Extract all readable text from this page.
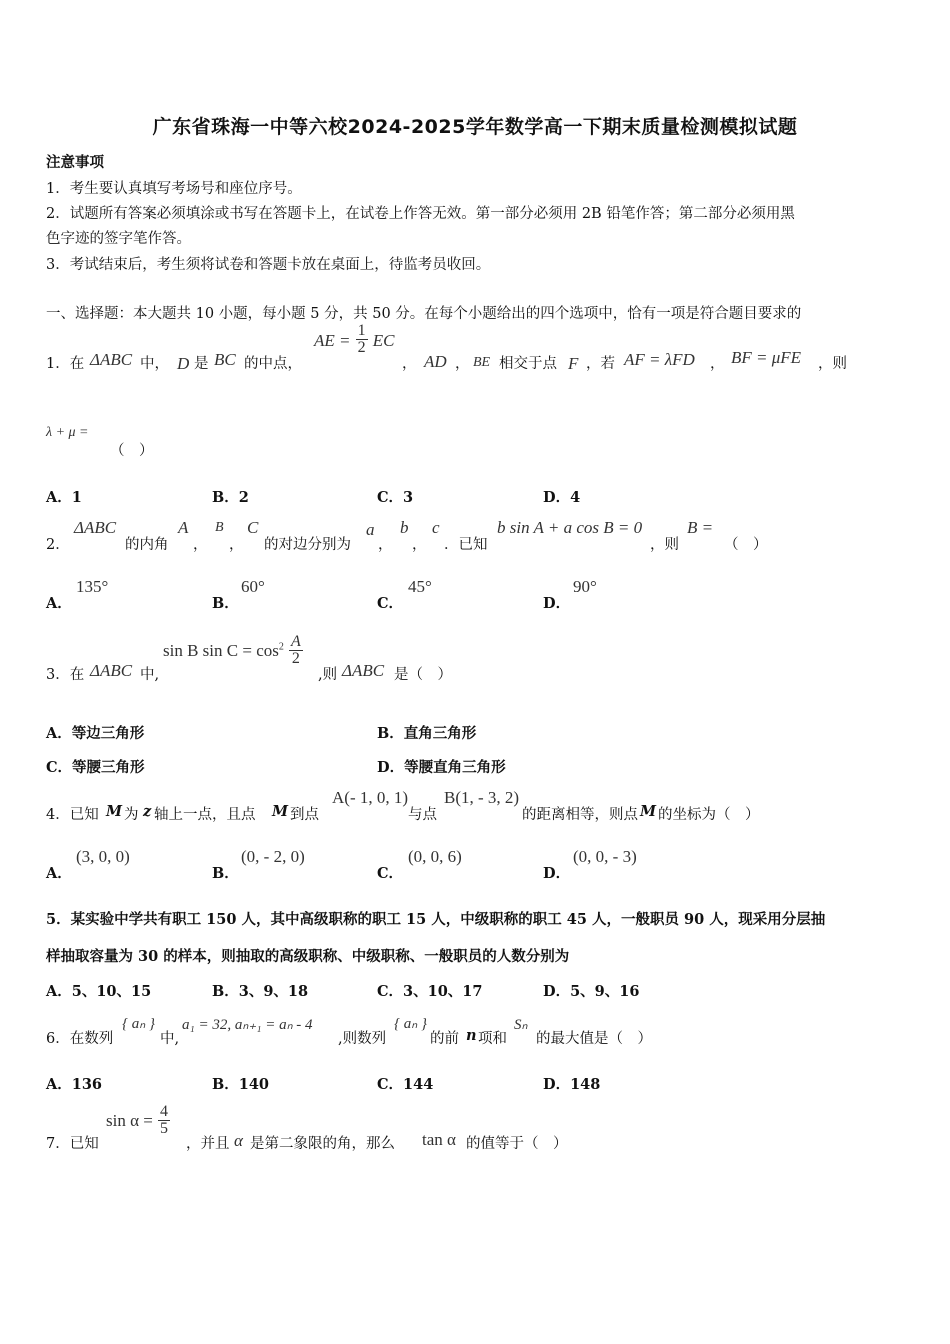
广东省珠海一中等六校2024-2025学年数学高一下期末质量检测模拟试题
注意事项
1．考生要认真填写考场号和座位序号。
2．试题所有答案必须填涂或书写在答题卡上，在试卷上作答无效。第一部分必须用 2B 铅笔作答；第二部分必须用黑
色字迹的签字笔作答。
3．考试结束后，考生须将试卷和答题卡放在桌面上，待监考员收回。
一、选择题：本大题共 10 小题，每小题 5 分，共 50 分。在每个小题给出的四个选项中，恰有一项是符合题目要求的
1．在 ΔABC 中， D 是 BC 的中点，
AE = $\frac{1}{2}$ EC
， AD ， BE 相交于点 F ，若 AF = λFD ， BF = μFE ，则
λ + μ =
（　）
A．1	B．2	C．3	D．4
2．
ΔABC
的内角
A
，
B
，
C
的对边分别为
a
，
b
，
c
．已知
b sin A + a cos B = 0
，则
B =
（　）
A．
135°
B．
60°
C．
45°
D．
90°
3．在 ΔABC 中,
sin B $\sin C = \cos^2 \frac{A}{2}$
,则 ΔABC 是（　）
A．等边三角形	B．直角三角形
C．等腰三角形	D．等腰直角三角形
4．已知 M 为 z 轴上一点，且点 M 到点
A(- 1, 0, 1)
与点
B(1, - 3, 2)
的距离相等，则点 M 的坐标为（　）
A．
(3, 0, 0)
B．
(0, - 2, 0)
C．
(0, 0, 6)
D．
(0, 0, - 3)
5．某实验中学共有职工 150 人，其中高级职称的职工 15 人，中级职称的职工 45 人，一般职员 90 人，现采用分层抽
样抽取容量为 30 的样本，则抽取的高级职称、中级职称、一般职员的人数分别为
A．5、10、15	B．3、9、18	C．3、10、17	D．5、9、16
6．在数列
{ aₙ }
中,
a₁ = 32, aₙ₊₁ = aₙ - 4
,则数列
{ aₙ }
的前 n 项和
Sₙ
的最大值是（　）
A．136	B．140	C．144	D．148
7．已知
$\sin \alpha = \frac{4}{5}$
，并且 α 是第二象限的角，那么 tan α 的值等于（　）
